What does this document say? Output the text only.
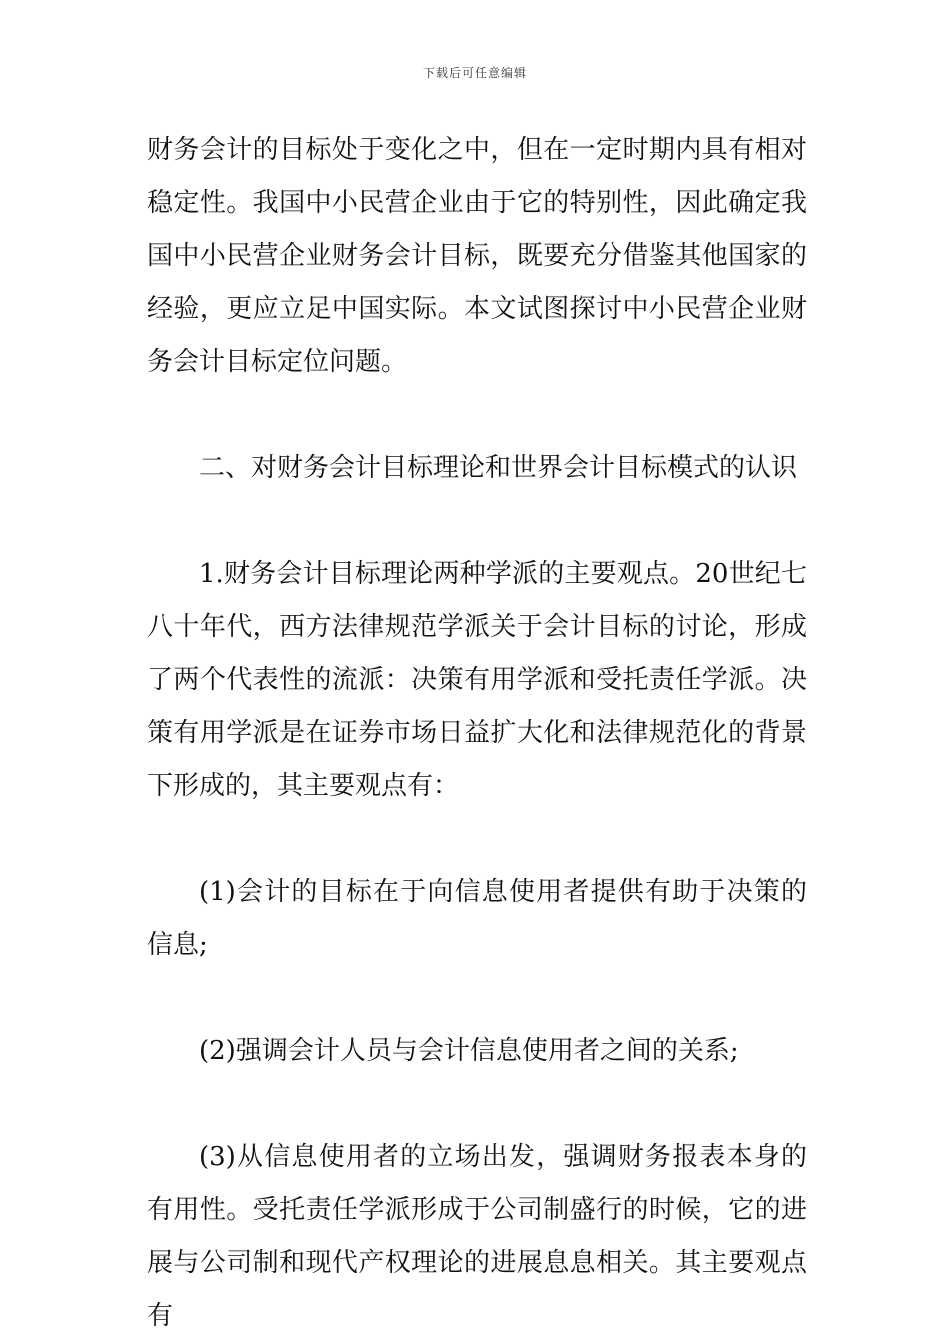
下载后可任意编辑

财务会计的目标处于变化之中，但在一定时期内具有相对稳定性。我国中小民营企业由于它的特别性，因此确定我国中小民营企业财务会计目标，既要充分借鉴其他国家的经验，更应立足中国实际。本文试图探讨中小民营企业财务会计目标定位问题。

二、对财务会计目标理论和世界会计目标模式的认识

1.财务会计目标理论两种学派的主要观点。20世纪七八十年代，西方法律规范学派关于会计目标的讨论，形成了两个代表性的流派：决策有用学派和受托责任学派。决策有用学派是在证券市场日益扩大化和法律规范化的背景下形成的，其主要观点有：

(1)会计的目标在于向信息使用者提供有助于决策的信息;

(2)强调会计人员与会计信息使用者之间的关系;

(3)从信息使用者的立场出发，强调财务报表本身的有用性。受托责任学派形成于公司制盛行的时候，它的进展与公司制和现代产权理论的进展息息相关。其主要观点有
